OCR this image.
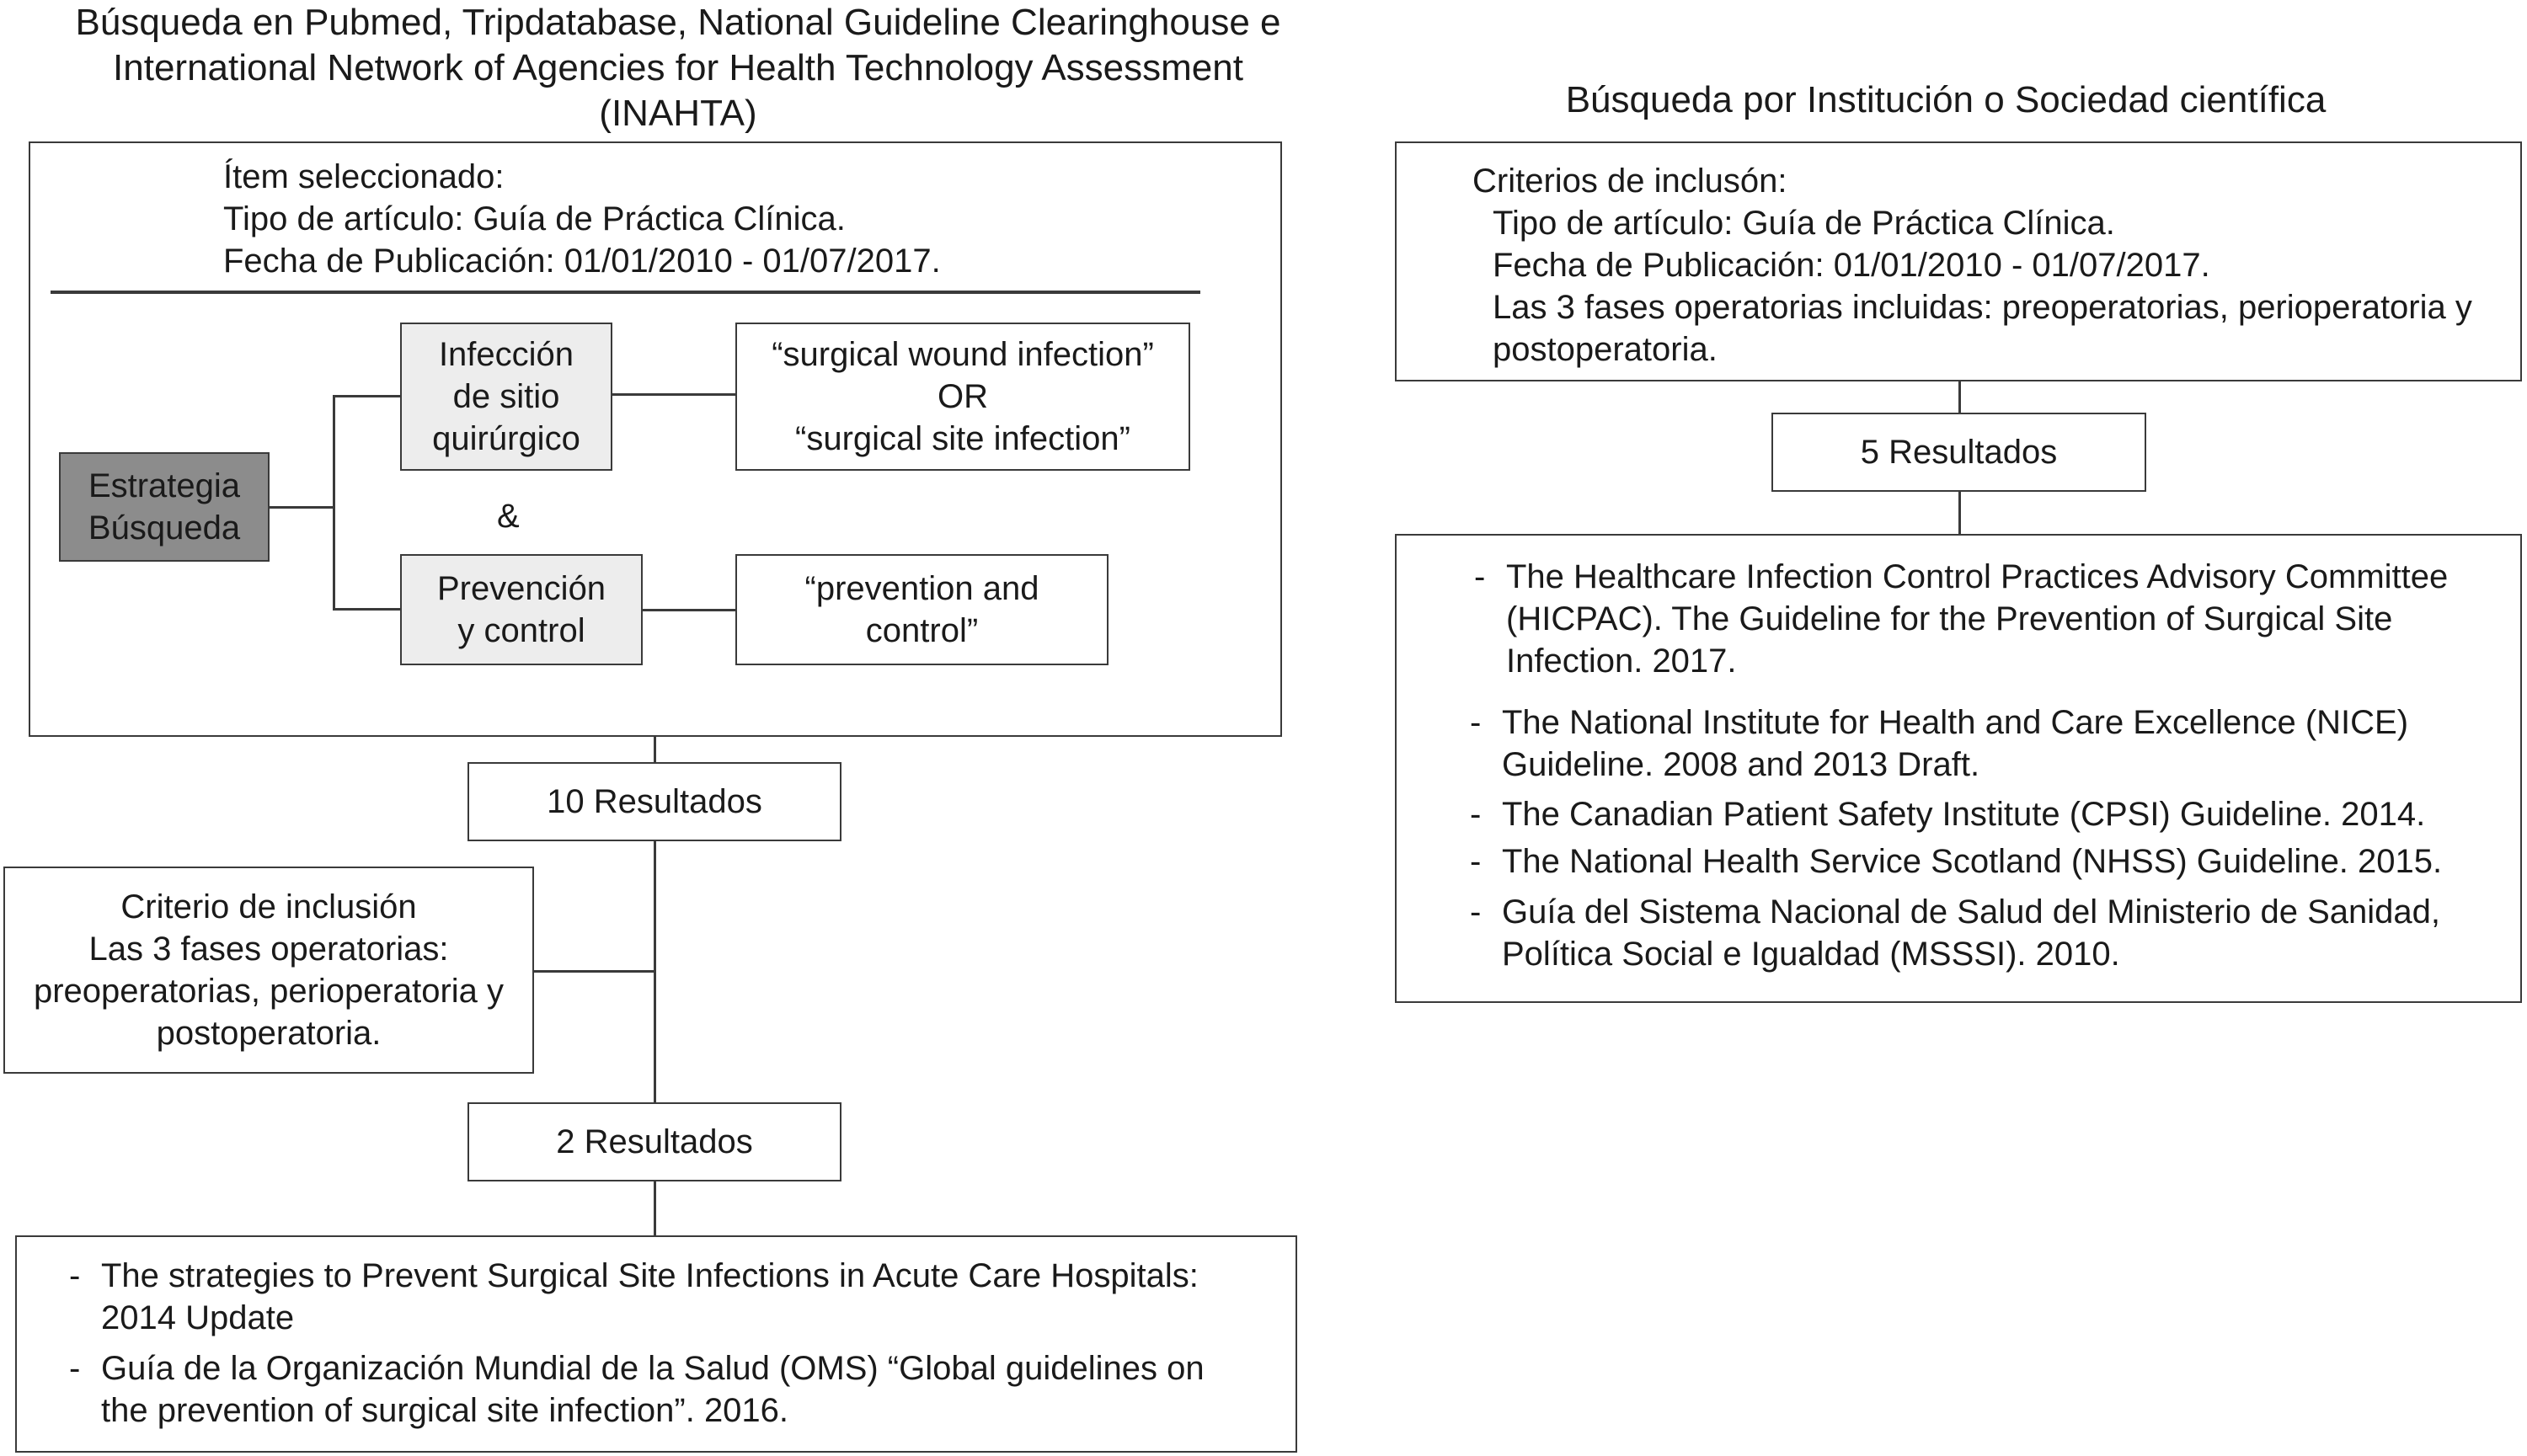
Búsqueda en Pubmed, Tripdatabase, National Guideline Clearinghouse e
International Network of Agencies for Health Technology Assessment
(INAHTA)
Ítem seleccionado:
Tipo de artículo: Guía de Práctica Clínica.
Fecha de Publicación: 01/01/2010 - 01/07/2017.
Estrategia
Búsqueda
Infección
de sitio
quirúrgico
&
Prevención
y control
“surgical wound infection”
OR
“surgical site infection”
“prevention and
control”
10 Resultados
Criterio de inclusión
Las 3 fases operatorias:
preoperatorias, perioperatoria y
postoperatoria.
2 Resultados
- The strategies to Prevent Surgical Site Infections in Acute Care Hospitals:
2014 Update
- Guía de la Organización Mundial de la Salud (OMS) “Global guidelines on
the prevention of surgical site infection”. 2016.
Búsqueda por Institución o Sociedad científica
Criterios de inclusón:
Tipo de artículo: Guía de Práctica Clínica.
Fecha de Publicación: 01/01/2010 - 01/07/2017.
Las 3 fases operatorias incluidas: preoperatorias, perioperatoria y
postoperatoria.
5 Resultados
- The Healthcare Infection Control Practices Advisory Committee
(HICPAC). The Guideline for the Prevention of Surgical Site
Infection. 2017.
- The National Institute for Health and Care Excellence (NICE)
Guideline. 2008 and 2013 Draft.
- The Canadian Patient Safety Institute (CPSI) Guideline. 2014.
- The National Health Service Scotland (NHSS) Guideline. 2015.
- Guía del Sistema Nacional de Salud del Ministerio de Sanidad,
Política Social e Igualdad (MSSSI). 2010.
